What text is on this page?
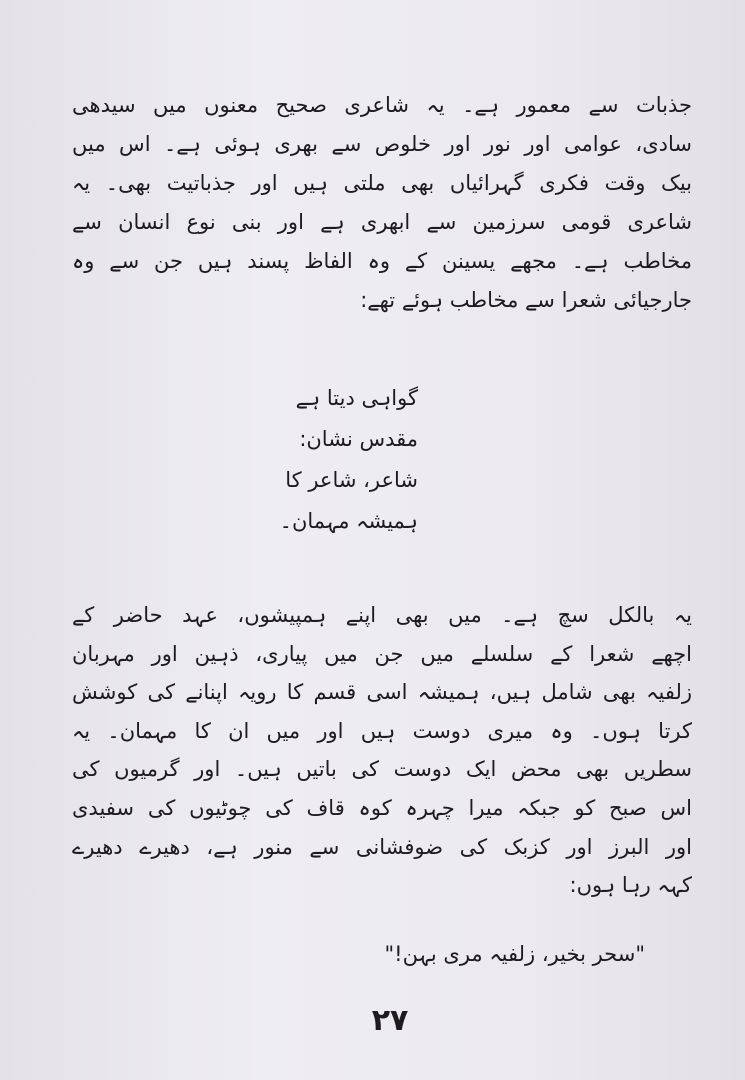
جذبات سے معمور ہے۔ یہ شاعری صحیح معنوں میں سیدھی
سادی، عوامی اور نور اور خلوص سے بھری ہوئی ہے۔ اس میں
بیک وقت فکری گہرائیاں بھی ملتی ہیں اور جذباتیت بھی۔ یہ
شاعری قومی سرزمین سے ابھری ہے اور بنی نوع انسان سے
مخاطب ہے۔ مجھے یسینن کے وہ الفاظ پسند ہیں جن سے وہ
جارجیائی شعرا سے مخاطب ہوئے تھے:
گواہی دیتا ہے
مقدس نشان:
شاعر، شاعر کا
ہمیشہ مہمان۔
یہ بالکل سچ ہے۔ میں بھی اپنے ہمپیشوں، عہد حاضر کے
اچھے شعرا کے سلسلے میں جن میں پیاری، ذہین اور مہربان
زلفیہ بھی شامل ہیں، ہمیشہ اسی قسم کا رویہ اپنانے کی کوشش
کرتا ہوں۔ وہ میری دوست ہیں اور میں ان کا مہمان۔ یہ
سطریں بھی محض ایک دوست کی باتیں ہیں۔ اور گرمیوں کی
اس صبح کو جبکہ میرا چہرہ کوہ قاف کی چوٹیوں کی سفیدی
اور البرز اور کزبک کی ضوفشانی سے منور ہے، دھیرے دھیرے
کہہ رہا ہوں:
"سحر بخیر، زلفیہ مری بہن!"
۲۷
